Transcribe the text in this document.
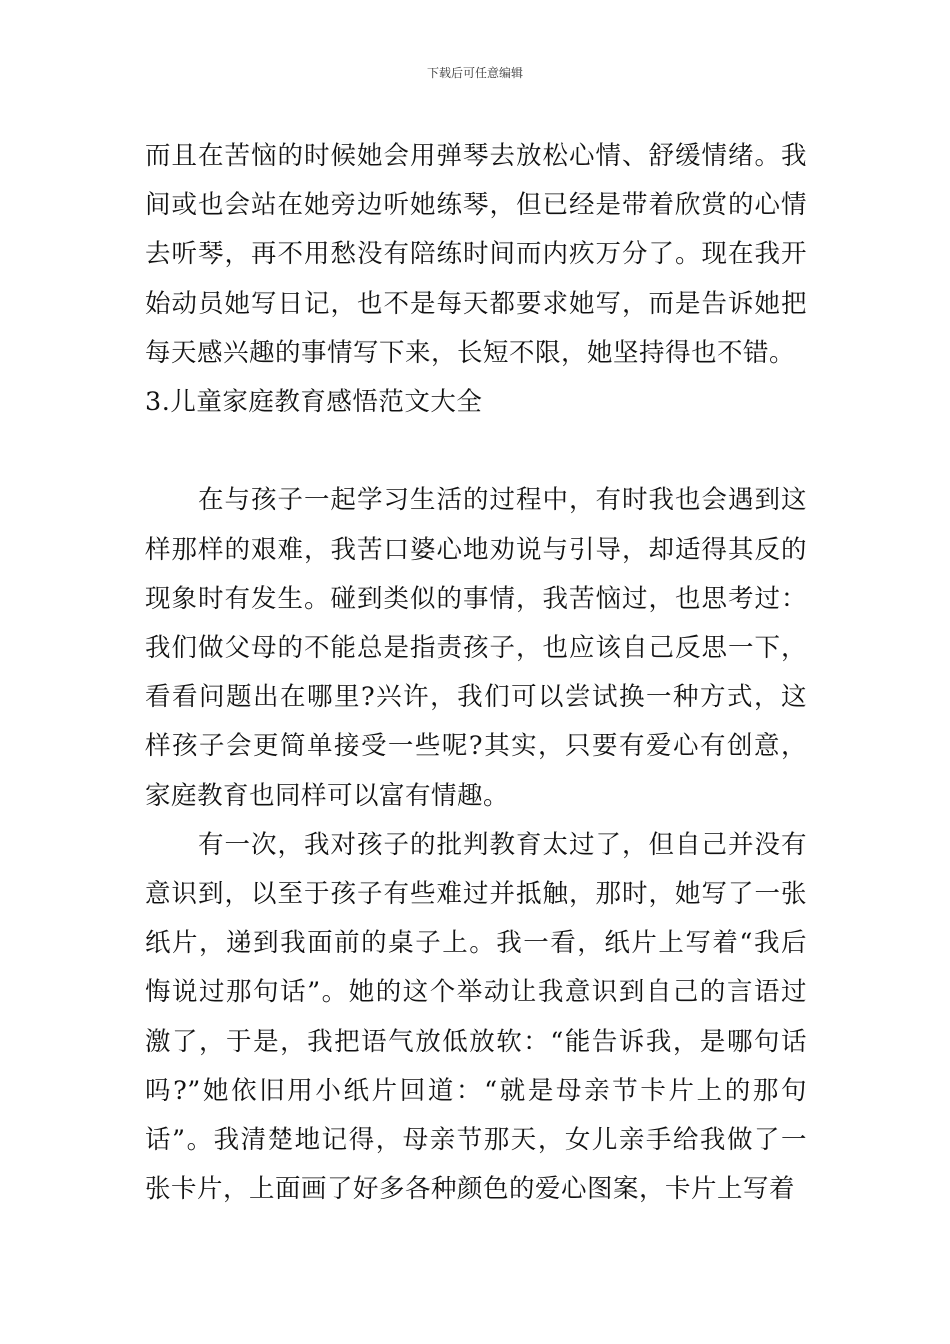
下载后可任意编辑

而且在苦恼的时候她会用弹琴去放松心情、舒缓情绪。我间或也会站在她旁边听她练琴，但已经是带着欣赏的心情去听琴，再不用愁没有陪练时间而内疚万分了。现在我开始动员她写日记，也不是每天都要求她写，而是告诉她把每天感兴趣的事情写下来，长短不限，她坚持得也不错。

3.儿童家庭教育感悟范文大全

在与孩子一起学习生活的过程中，有时我也会遇到这样那样的艰难，我苦口婆心地劝说与引导，却适得其反的现象时有发生。碰到类似的事情，我苦恼过，也思考过：我们做父母的不能总是指责孩子，也应该自己反思一下，看看问题出在哪里?兴许，我们可以尝试换一种方式，这样孩子会更简单接受一些呢?其实，只要有爱心有创意，家庭教育也同样可以富有情趣。

有一次，我对孩子的批判教育太过了，但自己并没有意识到，以至于孩子有些难过并抵触，那时，她写了一张纸片，递到我面前的桌子上。我一看，纸片上写着“我后悔说过那句话”。她的这个举动让我意识到自己的言语过激了，于是，我把语气放低放软：“能告诉我，是哪句话吗?”她依旧用小纸片回道：“就是母亲节卡片上的那句话”。我清楚地记得，母亲节那天，女儿亲手给我做了一张卡片，上面画了好多各种颜色的爱心图案，卡片上写着
